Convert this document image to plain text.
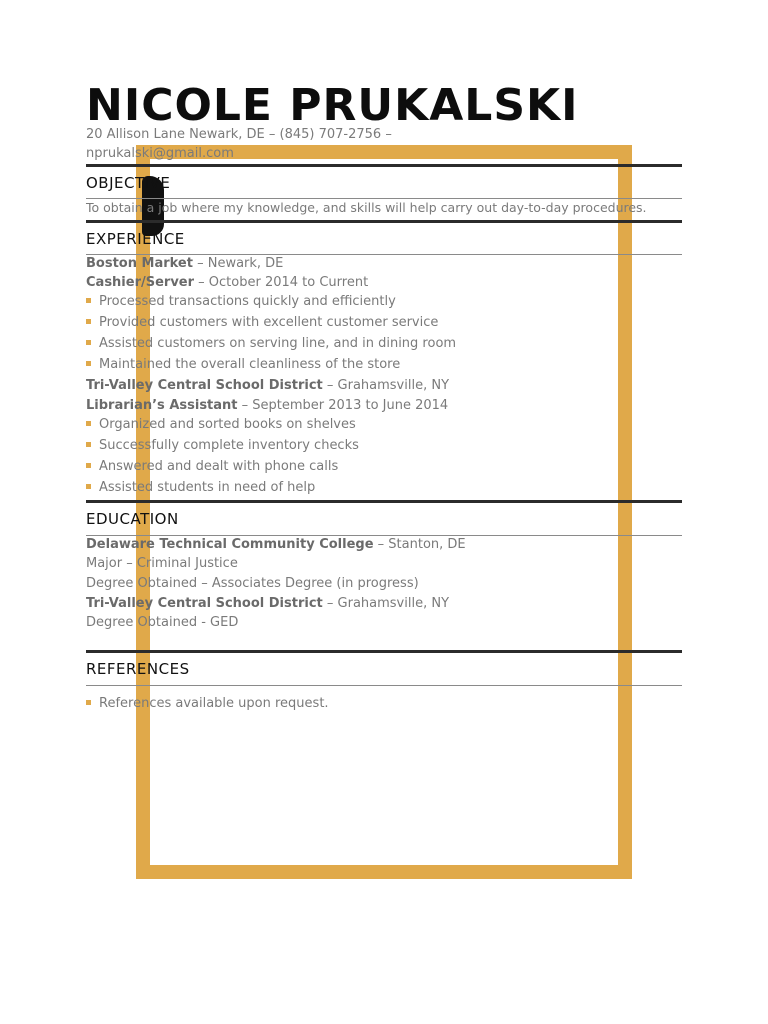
NICOLE PRUKALSKI
20 Allison Lane Newark, DE – (845) 707-2756 – nprukalski@gmail.com
OBJECTIVE
To obtain a job where my knowledge, and skills will help carry out day-to-day procedures.
EXPERIENCE
Boston Market – Newark, DE
Cashier/Server – October 2014 to Current
Processed transactions quickly and efficiently
Provided customers with excellent customer service
Assisted customers on serving line, and in dining room
Maintained the overall cleanliness of the store
Tri-Valley Central School District – Grahamsville, NY
Librarian’s Assistant – September 2013 to June 2014
Organized and sorted books on shelves
Successfully complete inventory checks
Answered and dealt with phone calls
Assisted students in need of help
EDUCATION
Delaware Technical Community College – Stanton, DE
Major – Criminal Justice
Degree Obtained – Associates Degree (in progress)
Tri-Valley Central School District – Grahamsville, NY
Degree Obtained - GED
REFERENCES
References available upon request.
